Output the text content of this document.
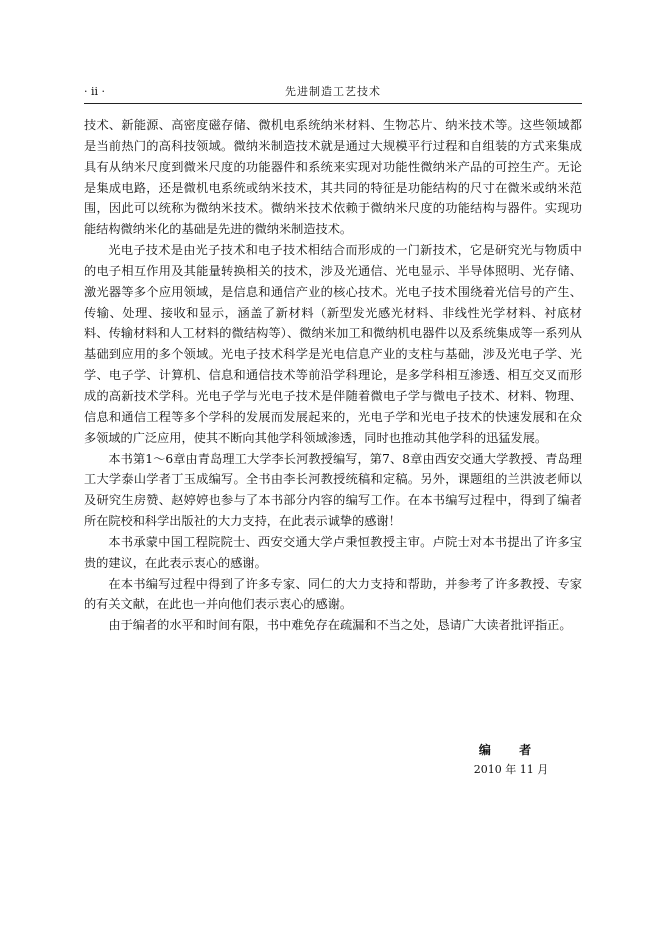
· ii ·	先进制造工艺技术

技术、新能源、高密度磁存储、微机电系统纳米材料、生物芯片、纳米技术等。这些领域都是当前热门的高科技领域。微纳米制造技术就是通过大规模平行过程和自组装的方式来集成具有从纳米尺度到微米尺度的功能器件和系统来实现对功能性微纳米产品的可控生产。无论是集成电路，还是微机电系统或纳米技术，其共同的特征是功能结构的尺寸在微米或纳米范围，因此可以统称为微纳米技术。微纳米技术依赖于微纳米尺度的功能结构与器件。实现功能结构微纳米化的基础是先进的微纳米制造技术。

光电子技术是由光子技术和电子技术相结合而形成的一门新技术，它是研究光与物质中的电子相互作用及其能量转换相关的技术，涉及光通信、光电显示、半导体照明、光存储、激光器等多个应用领域，是信息和通信产业的核心技术。光电子技术围绕着光信号的产生、传输、处理、接收和显示，涵盖了新材料（新型发光感光材料、非线性光学材料、衬底材料、传输材料和人工材料的微结构等）、微纳米加工和微纳机电器件以及系统集成等一系列从基础到应用的多个领域。光电子技术科学是光电信息产业的支柱与基础，涉及光电子学、光学、电子学、计算机、信息和通信技术等前沿学科理论，是多学科相互渗透、相互交叉而形成的高新技术学科。光电子学与光电子技术是伴随着微电子学与微电子技术、材料、物理、信息和通信工程等多个学科的发展而发展起来的，光电子学和光电子技术的快速发展和在众多领域的广泛应用，使其不断向其他学科领域渗透，同时也推动其他学科的迅猛发展。

本书第1～6章由青岛理工大学李长河教授编写，第7、8章由西安交通大学教授、青岛理工大学泰山学者丁玉成编写。全书由李长河教授统稿和定稿。另外，课题组的兰洪波老师以及研究生房赞、赵婷婷也参与了本书部分内容的编写工作。在本书编写过程中，得到了编者所在院校和科学出版社的大力支持，在此表示诚挚的感谢！

本书承蒙中国工程院院士、西安交通大学卢秉恒教授主审。卢院士对本书提出了许多宝贵的建议，在此表示衷心的感谢。

在本书编写过程中得到了许多专家、同仁的大力支持和帮助，并参考了许多教授、专家的有关文献，在此也一并向他们表示衷心的感谢。

由于编者的水平和时间有限，书中难免存在疏漏和不当之处，恳请广大读者批评指正。

编 者
2010 年 11 月
